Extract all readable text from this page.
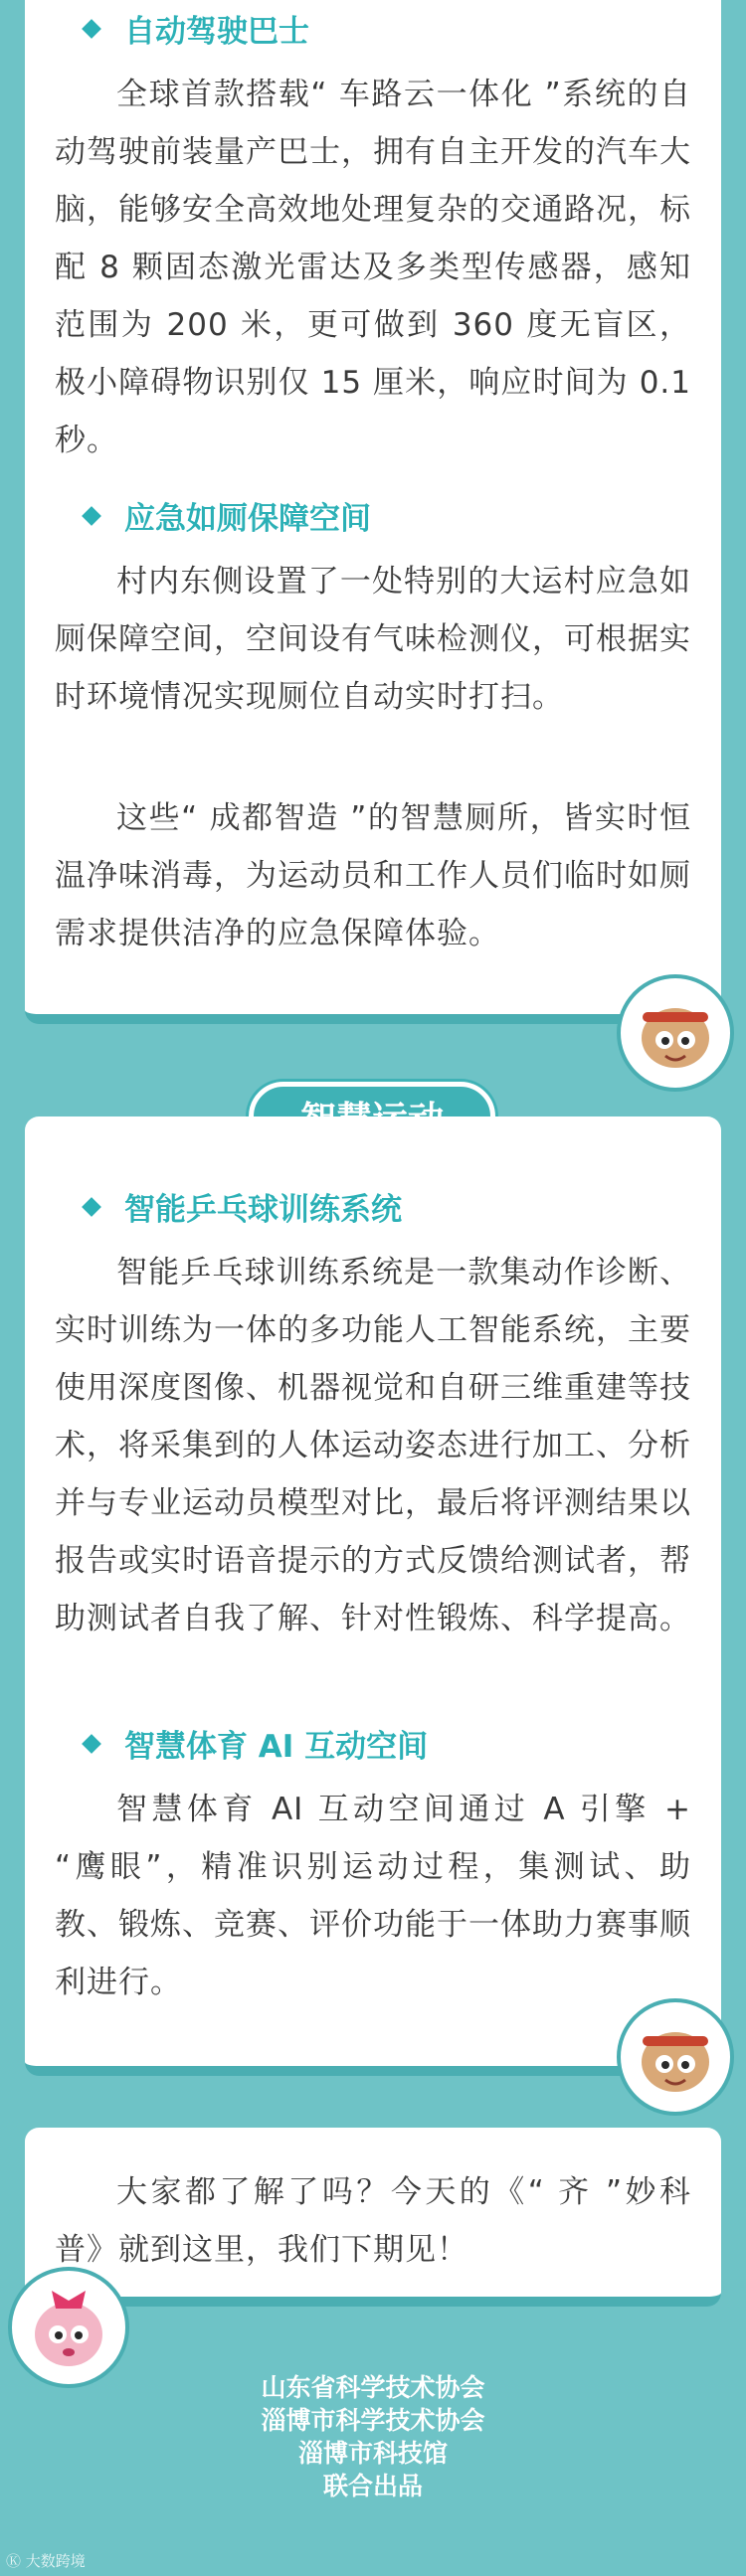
自动驾驶巴士

全球首款搭载“ 车路云一体化 ”系统的自动驾驶前装量产巴士，拥有自主开发的汽车大脑，能够安全高效地处理复杂的交通路况，标配 8 颗固态激光雷达及多类型传感器，感知范围为 200 米，更可做到 360 度无盲区，极小障碍物识别仅 15 厘米，响应时间为 0.1 秒。

应急如厕保障空间

村内东侧设置了一处特别的大运村应急如厕保障空间，空间设有气味检测仪，可根据实时环境情况实现厕位自动实时打扫。

这些“ 成都智造 ”的智慧厕所，皆实时恒温净味消毒，为运动员和工作人员们临时如厕需求提供洁净的应急保障体验。

智能乒乓球训练系统

智能乒乓球训练系统是一款集动作诊断、实时训练为一体的多功能人工智能系统，主要使用深度图像、机器视觉和自研三维重建等技术，将采集到的人体运动姿态进行加工、分析并与专业运动员模型对比，最后将评测结果以报告或实时语音提示的方式反馈给测试者，帮助测试者自我了解、针对性锻炼、科学提高。

智慧体育 AI 互动空间

智慧体育 AI 互动空间通过 A 引擎 + “鹰眼”，精准识别运动过程，集测试、助教、锻炼、竞赛、评价功能于一体助力赛事顺利进行。

大家都了解了吗？今天的《“ 齐 ”妙科普》就到这里，我们下期见！

山东省科学技术协会
淄博市科学技术协会
淄博市科技馆
联合出品
Ⓚ 大数跨境
